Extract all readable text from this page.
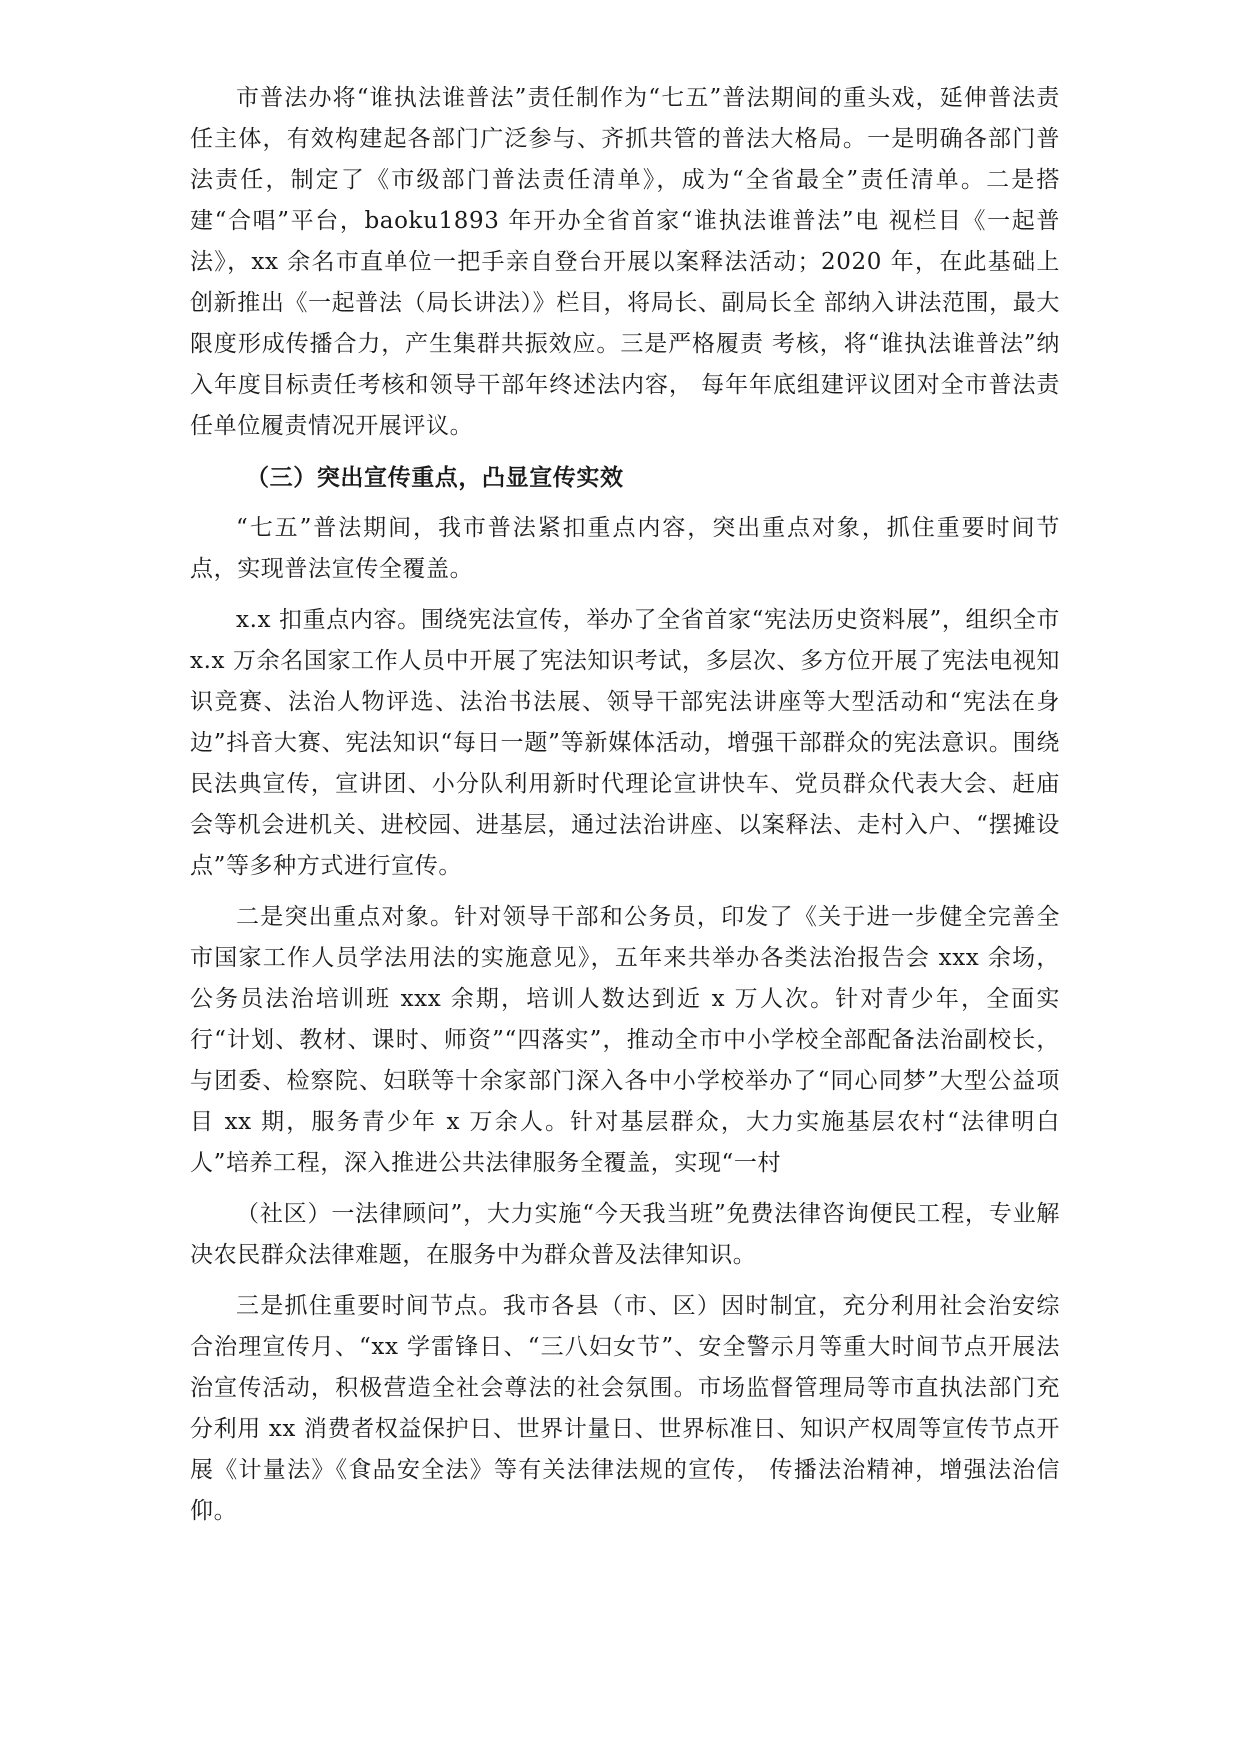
市普法办将“谁执法谁普法”责任制作为“七五”普法期间的重头戏，延伸普法责任主体，有效构建起各部门广泛参与、齐抓共管的普法大格局。一是明确各部门普法责任，制定了《市级部门普法责任清单》，成为“全省最全”责任清单。二是搭建“合唱”平台，baoku1893 年开办全省首家“谁执法谁普法”电 视栏目《一起普法》，xx 余名市直单位一把手亲自登台开展以案释法活动；2020 年，在此基础上创新推出《一起普法（局长讲法）》栏目，将局长、副局长全 部纳入讲法范围，最大限度形成传播合力，产生集群共振效应。三是严格履责 考核，将“谁执法谁普法”纳入年度目标责任考核和领导干部年终述法内容， 每年年底组建评议团对全市普法责任单位履责情况开展评议。

（三）突出宣传重点，凸显宣传实效

“七五”普法期间，我市普法紧扣重点内容，突出重点对象，抓住重要时间节点，实现普法宣传全覆盖。

x.x 扣重点内容。围绕宪法宣传，举办了全省首家“宪法历史资料展”，组织全市 x.x 万余名国家工作人员中开展了宪法知识考试，多层次、多方位开展了宪法电视知识竞赛、法治人物评选、法治书法展、领导干部宪法讲座等大型活动和“宪法在身边”抖音大赛、宪法知识“每日一题”等新媒体活动，增强干部群众的宪法意识。围绕民法典宣传，宣讲团、小分队利用新时代理论宣讲快车、党员群众代表大会、赶庙会等机会进机关、进校园、进基层，通过法治讲座、以案释法、走村入户、“摆摊设点”等多种方式进行宣传。

二是突出重点对象。针对领导干部和公务员，印发了《关于进一步健全完善全市国家工作人员学法用法的实施意见》，五年来共举办各类法治报告会 xxx 余场，公务员法治培训班 xxx 余期，培训人数达到近 x 万人次。针对青少年，全面实行“计划、教材、课时、师资”“四落实”，推动全市中小学校全部配备法治副校长，与团委、检察院、妇联等十余家部门深入各中小学校举办了“同心同梦”大型公益项目 xx 期，服务青少年 x 万余人。针对基层群众，大力实施基层农村“法律明白人”培养工程，深入推进公共法律服务全覆盖，实现“一村

（社区）一法律顾问”，大力实施“今天我当班”免费法律咨询便民工程，专业解决农民群众法律难题，在服务中为群众普及法律知识。

三是抓住重要时间节点。我市各县（市、区）因时制宜，充分利用社会治安综合治理宣传月、“xx 学雷锋日、“三八妇女节”、安全警示月等重大时间节点开展法治宣传活动，积极营造全社会尊法的社会氛围。市场监督管理局等市直执法部门充分利用 xx 消费者权益保护日、世界计量日、世界标准日、知识产权周等宣传节点开展《计量法》《食品安全法》等有关法律法规的宣传， 传播法治精神，增强法治信仰。
